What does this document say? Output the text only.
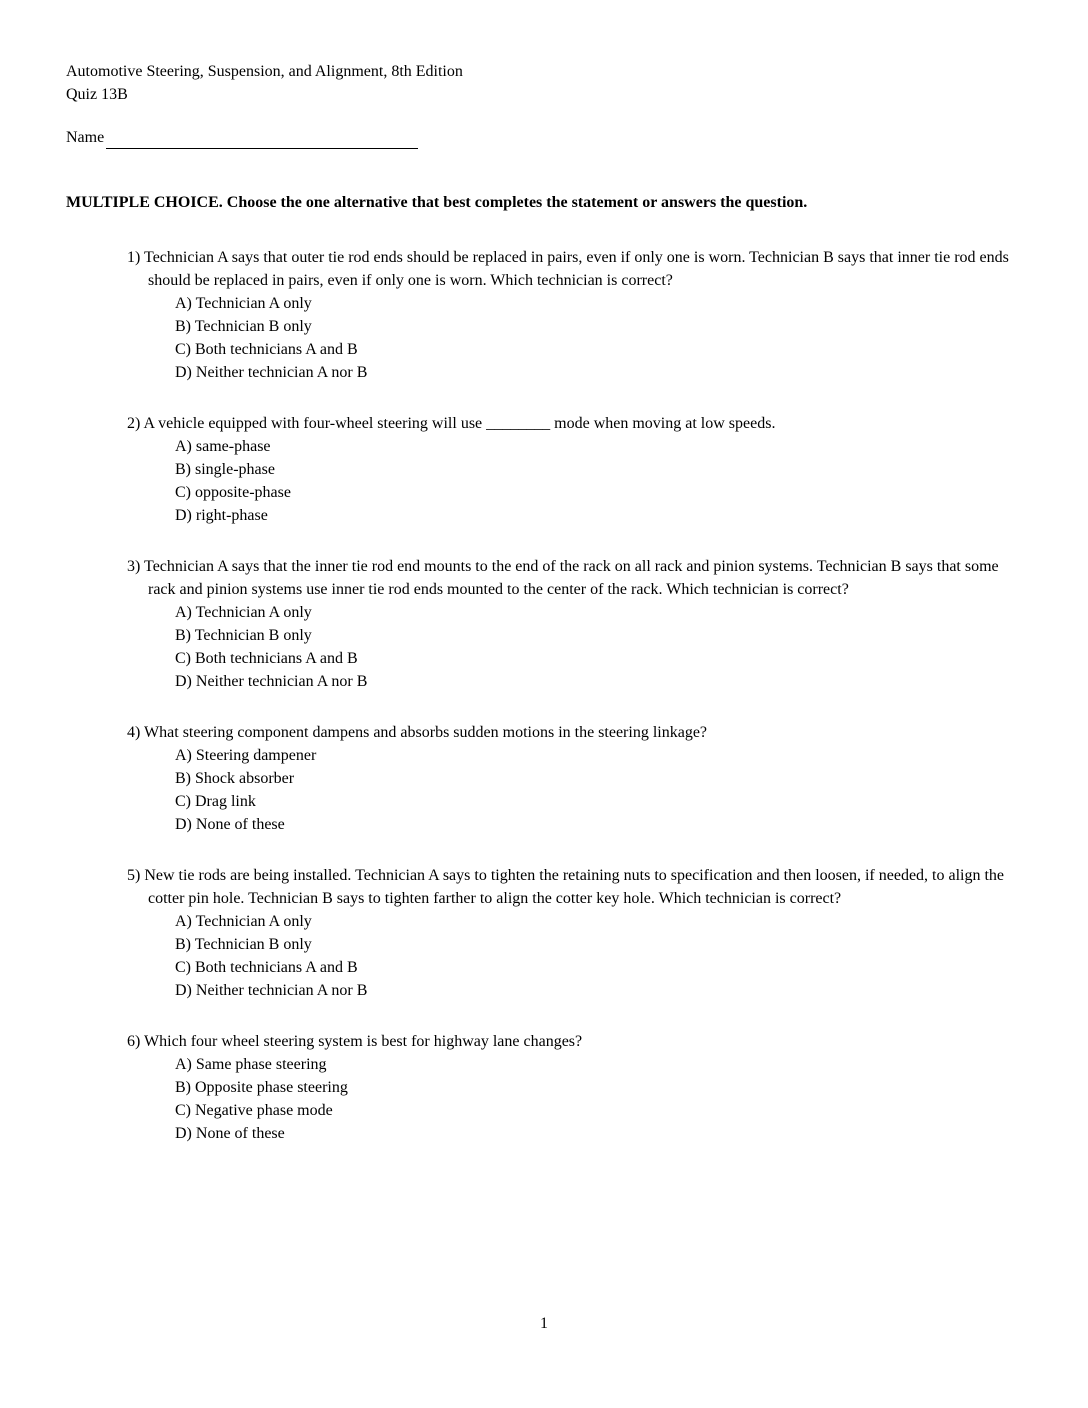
Automotive Steering, Suspension, and Alignment, 8th Edition
Quiz 13B
Name
MULTIPLE CHOICE. Choose the one alternative that best completes the statement or answers the question.
1) Technician A says that outer tie rod ends should be replaced in pairs, even if only one is worn. Technician B says that inner tie rod ends should be replaced in pairs, even if only one is worn. Which technician is correct?
A) Technician A only
B) Technician B only
C) Both technicians A and B
D) Neither technician A nor B
2) A vehicle equipped with four-wheel steering will use ________ mode when moving at low speeds.
A) same-phase
B) single-phase
C) opposite-phase
D) right-phase
3) Technician A says that the inner tie rod end mounts to the end of the rack on all rack and pinion systems. Technician B says that some rack and pinion systems use inner tie rod ends mounted to the center of the rack. Which technician is correct?
A) Technician A only
B) Technician B only
C) Both technicians A and B
D) Neither technician A nor B
4) What steering component dampens and absorbs sudden motions in the steering linkage?
A) Steering dampener
B) Shock absorber
C) Drag link
D) None of these
5) New tie rods are being installed. Technician A says to tighten the retaining nuts to specification and then loosen, if needed, to align the cotter pin hole. Technician B says to tighten farther to align the cotter key hole. Which technician is correct?
A) Technician A only
B) Technician B only
C) Both technicians A and B
D) Neither technician A nor B
6) Which four wheel steering system is best for highway lane changes?
A) Same phase steering
B) Opposite phase steering
C) Negative phase mode
D) None of these
1
